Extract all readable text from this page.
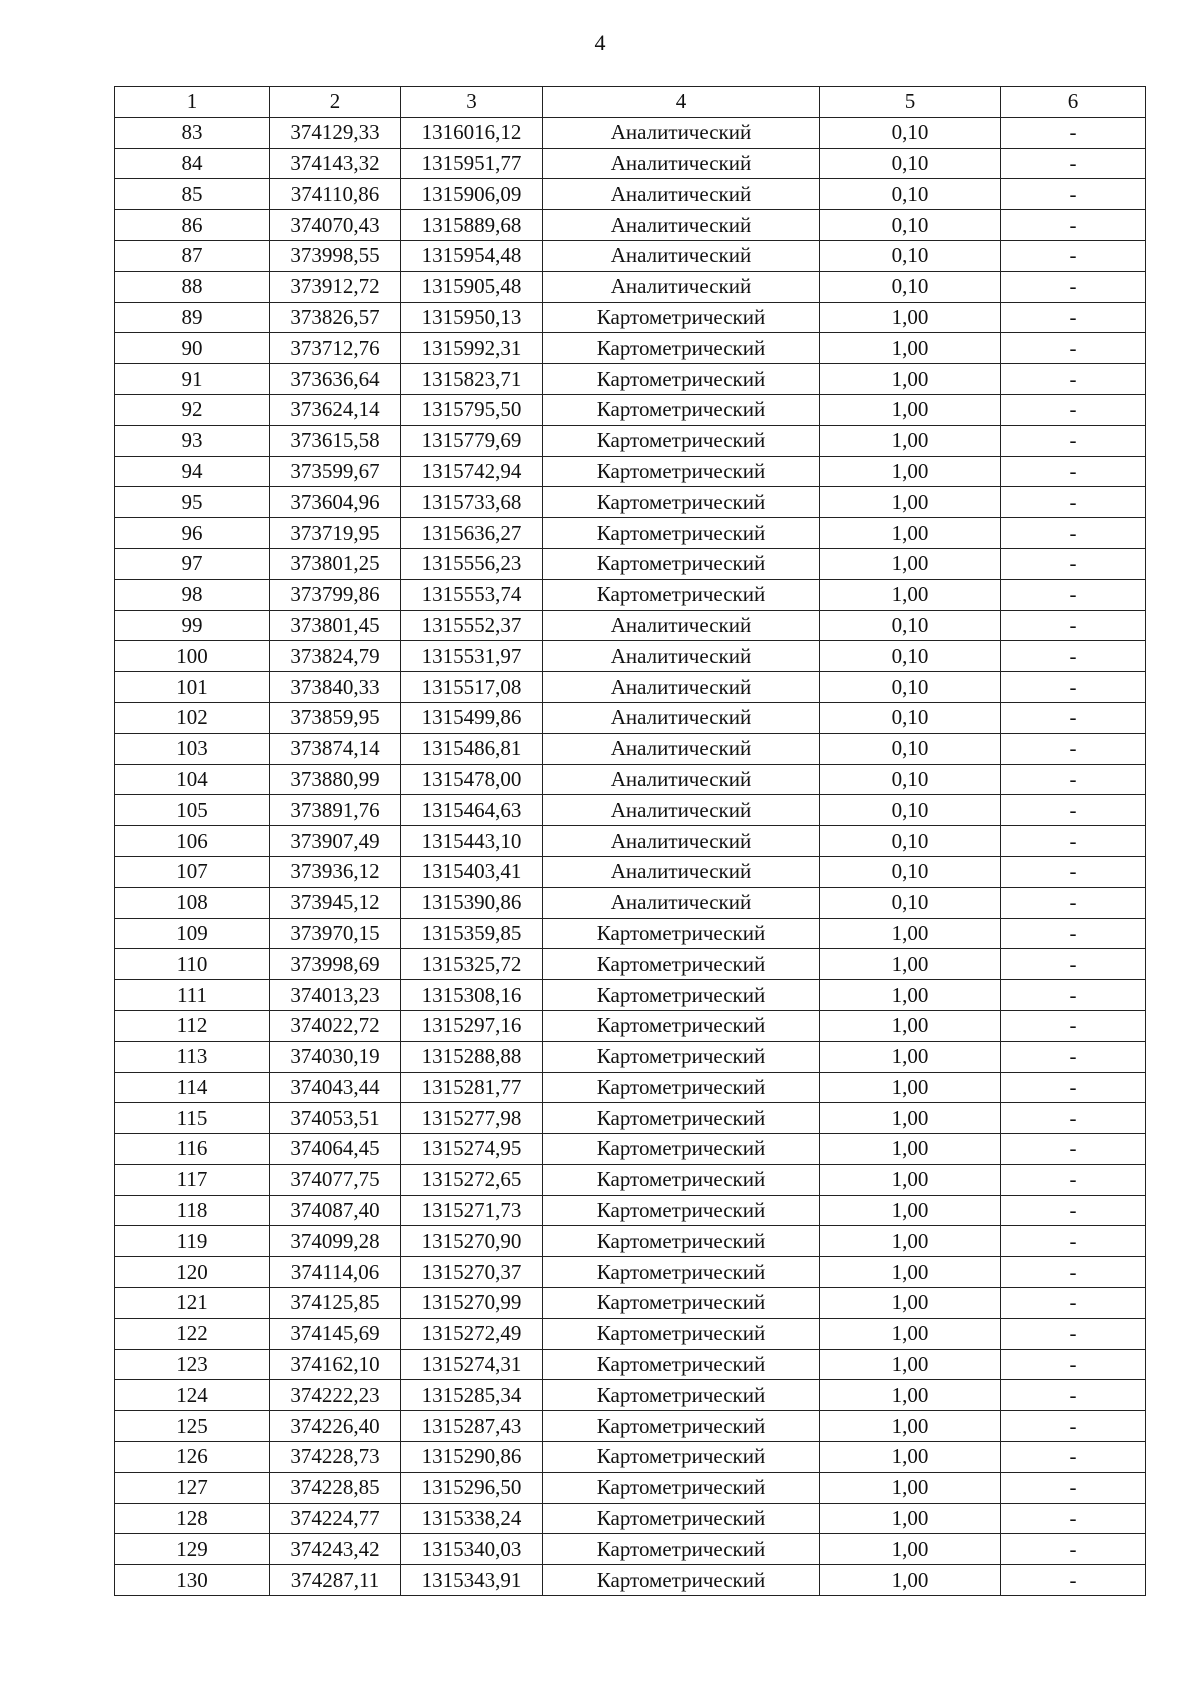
4
1	2	3	4	5	6
83	374129,33	1316016,12	Аналитический	0,10	-
84	374143,32	1315951,77	Аналитический	0,10	-
85	374110,86	1315906,09	Аналитический	0,10	-
86	374070,43	1315889,68	Аналитический	0,10	-
87	373998,55	1315954,48	Аналитический	0,10	-
88	373912,72	1315905,48	Аналитический	0,10	-
89	373826,57	1315950,13	Картометрический	1,00	-
90	373712,76	1315992,31	Картометрический	1,00	-
91	373636,64	1315823,71	Картометрический	1,00	-
92	373624,14	1315795,50	Картометрический	1,00	-
93	373615,58	1315779,69	Картометрический	1,00	-
94	373599,67	1315742,94	Картометрический	1,00	-
95	373604,96	1315733,68	Картометрический	1,00	-
96	373719,95	1315636,27	Картометрический	1,00	-
97	373801,25	1315556,23	Картометрический	1,00	-
98	373799,86	1315553,74	Картометрический	1,00	-
99	373801,45	1315552,37	Аналитический	0,10	-
100	373824,79	1315531,97	Аналитический	0,10	-
101	373840,33	1315517,08	Аналитический	0,10	-
102	373859,95	1315499,86	Аналитический	0,10	-
103	373874,14	1315486,81	Аналитический	0,10	-
104	373880,99	1315478,00	Аналитический	0,10	-
105	373891,76	1315464,63	Аналитический	0,10	-
106	373907,49	1315443,10	Аналитический	0,10	-
107	373936,12	1315403,41	Аналитический	0,10	-
108	373945,12	1315390,86	Аналитический	0,10	-
109	373970,15	1315359,85	Картометрический	1,00	-
110	373998,69	1315325,72	Картометрический	1,00	-
111	374013,23	1315308,16	Картометрический	1,00	-
112	374022,72	1315297,16	Картометрический	1,00	-
113	374030,19	1315288,88	Картометрический	1,00	-
114	374043,44	1315281,77	Картометрический	1,00	-
115	374053,51	1315277,98	Картометрический	1,00	-
116	374064,45	1315274,95	Картометрический	1,00	-
117	374077,75	1315272,65	Картометрический	1,00	-
118	374087,40	1315271,73	Картометрический	1,00	-
119	374099,28	1315270,90	Картометрический	1,00	-
120	374114,06	1315270,37	Картометрический	1,00	-
121	374125,85	1315270,99	Картометрический	1,00	-
122	374145,69	1315272,49	Картометрический	1,00	-
123	374162,10	1315274,31	Картометрический	1,00	-
124	374222,23	1315285,34	Картометрический	1,00	-
125	374226,40	1315287,43	Картометрический	1,00	-
126	374228,73	1315290,86	Картометрический	1,00	-
127	374228,85	1315296,50	Картометрический	1,00	-
128	374224,77	1315338,24	Картометрический	1,00	-
129	374243,42	1315340,03	Картометрический	1,00	-
130	374287,11	1315343,91	Картометрический	1,00	-
